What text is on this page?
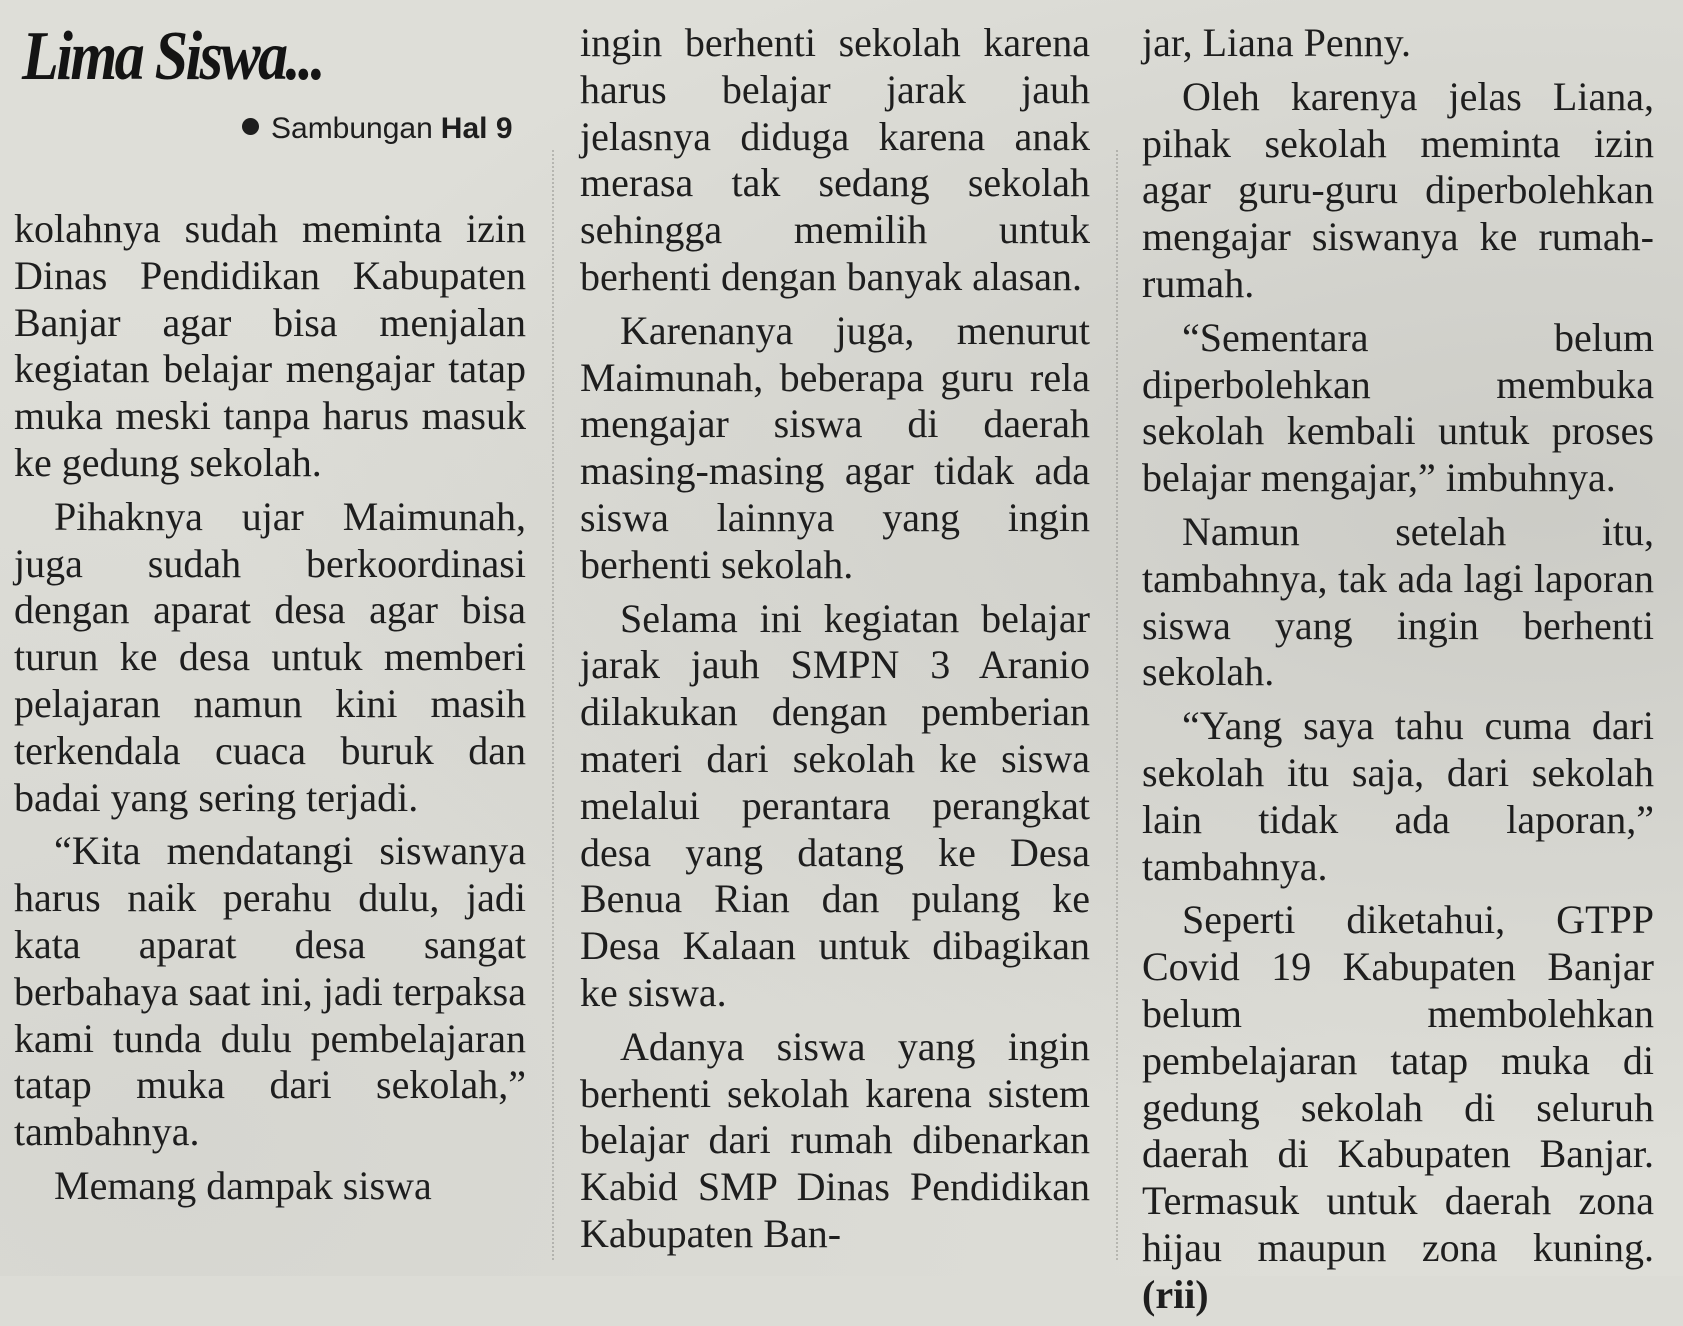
Lima Siswa...
Sambungan Hal 9

kolahnya sudah meminta izin Dinas Pendidikan Kabupaten Banjar agar bisa menjalan kegiatan belajar mengajar tatap muka meski tanpa harus masuk ke gedung sekolah.

Pihaknya ujar Maimunah, juga sudah berkoordinasi dengan aparat desa agar bisa turun ke desa untuk memberi pelajaran namun kini masih terkendala cuaca buruk dan badai yang sering terjadi.

“Kita mendatangi siswanya harus naik perahu dulu, jadi kata aparat desa sangat berbahaya saat ini, jadi terpaksa kami tunda dulu pembelajaran tatap muka dari sekolah,” tambahnya.

Memang dampak siswa

ingin berhenti sekolah karena harus belajar jarak jauh jelasnya diduga karena anak merasa tak sedang sekolah sehingga memilih untuk berhenti dengan banyak alasan.

Karenanya juga, menurut Maimunah, beberapa guru rela mengajar siswa di daerah masing-masing agar tidak ada siswa lainnya yang ingin berhenti sekolah.

Selama ini kegiatan belajar jarak jauh SMPN 3 Aranio dilakukan dengan pemberian materi dari sekolah ke siswa melalui perantara perangkat desa yang datang ke Desa Benua Rian dan pulang ke Desa Kalaan untuk dibagikan ke siswa.

Adanya siswa yang ingin berhenti sekolah karena sistem belajar dari rumah dibenarkan Kabid SMP Dinas Pendidikan Kabupaten Ban-

jar, Liana Penny.

Oleh karenya jelas Liana, pihak sekolah meminta izin agar guru-guru diperbolehkan mengajar siswanya ke rumah-rumah.

“Sementara belum diperbolehkan membuka sekolah kembali untuk proses belajar mengajar,” imbuhnya.

Namun setelah itu, tambahnya, tak ada lagi laporan siswa yang ingin berhenti sekolah.

“Yang saya tahu cuma dari sekolah itu saja, dari sekolah lain tidak ada laporan,” tambahnya.

Seperti diketahui, GTPP Covid 19 Kabupaten Banjar belum membolehkan pembelajaran tatap muka di gedung sekolah di seluruh daerah di Kabupaten Banjar. Termasuk untuk daerah zona hijau maupun zona kuning. (rii)
